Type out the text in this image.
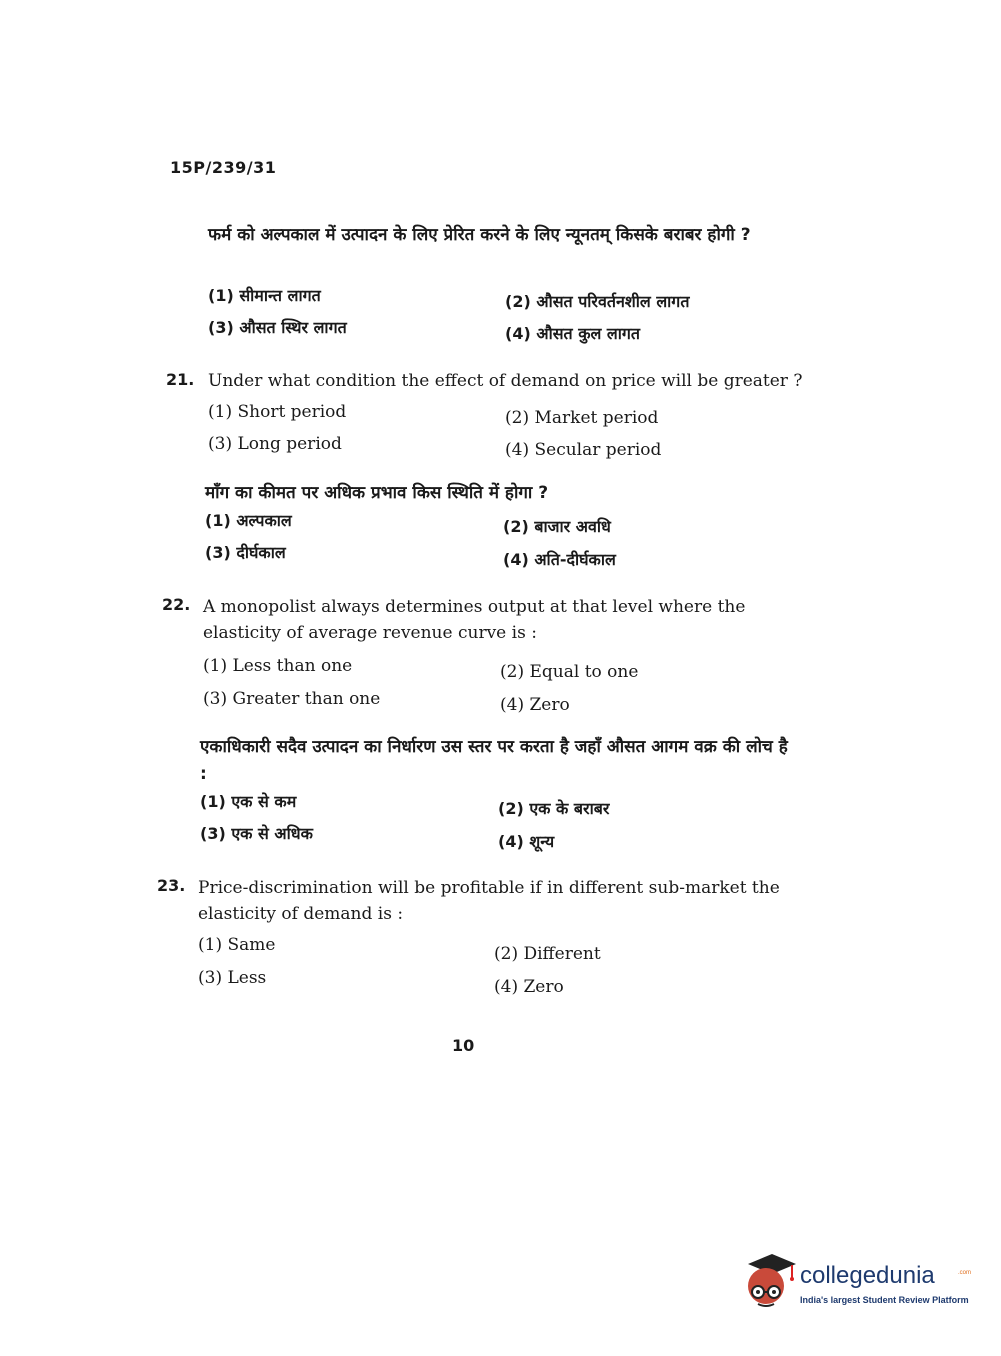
15P/239/31
फर्म को अल्पकाल में उत्पादन के लिए प्रेरित करने के लिए न्यूनतम् किसके बराबर होगी ?
(1) सीमान्त लागत	(2) औसत परिवर्तनशील लागत
(3) औसत स्थिर लागत	(4) औसत कुल लागत
21. Under what condition the effect of demand on price will be greater ?
(1) Short period	(2) Market period
(3) Long period	(4) Secular period
माँग का कीमत पर अधिक प्रभाव किस स्थिति में होगा ?
(1) अल्पकाल	(2) बाजार अवधि
(3) दीर्घकाल	(4) अति-दीर्घकाल
22. A monopolist always determines output at that level where the elasticity of average revenue curve is :
(1) Less than one	(2) Equal to one
(3) Greater than one	(4) Zero
एकाधिकारी सदैव उत्पादन का निर्धारण उस स्तर पर करता है जहाँ औसत आगम वक्र की लोच है :
(1) एक से कम	(2) एक के बराबर
(3) एक से अधिक	(4) शून्य
23. Price-discrimination will be profitable if in different sub-market the elasticity of demand is :
(1) Same	(2) Different
(3) Less	(4) Zero
10
collegedunia	.com
India's largest Student Review Platform
